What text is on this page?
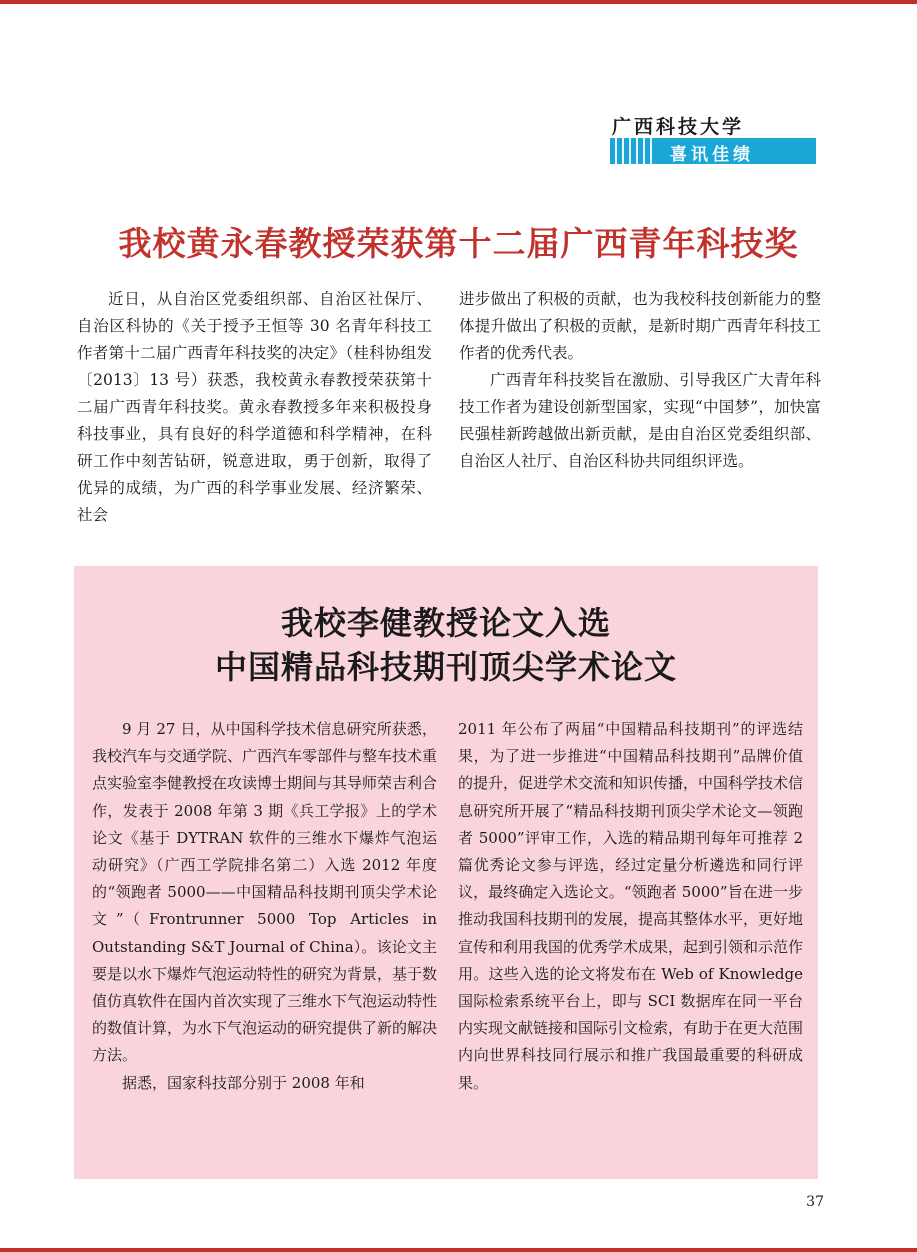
广西科技大学
喜讯佳绩
我校黄永春教授荣获第十二届广西青年科技奖

近日，从自治区党委组织部、自治区社保厅、自治区科协的《关于授予王恒等 30 名青年科技工作者第十二届广西青年科技奖的决定》（桂科协组发〔2013〕13 号）获悉，我校黄永春教授荣获第十二届广西青年科技奖。黄永春教授多年来积极投身科技事业，具有良好的科学道德和科学精神，在科研工作中刻苦钻研，锐意进取，勇于创新，取得了优异的成绩，为广西的科学事业发展、经济繁荣、社会

进步做出了积极的贡献，也为我校科技创新能力的整体提升做出了积极的贡献，是新时期广西青年科技工作者的优秀代表。

广西青年科技奖旨在激励、引导我区广大青年科技工作者为建设创新型国家，实现“中国梦”，加快富民强桂新跨越做出新贡献，是由自治区党委组织部、自治区人社厅、自治区科协共同组织评选。

我校李健教授论文入选
中国精品科技期刊顶尖学术论文

9 月 27 日，从中国科学技术信息研究所获悉，我校汽车与交通学院、广西汽车零部件与整车技术重点实验室李健教授在攻读博士期间与其导师荣吉利合作，发表于 2008 年第 3 期《兵工学报》上的学术论文《基于 DYTRAN 软件的三维水下爆炸气泡运动研究》（广西工学院排名第二）入选 2012 年度的“领跑者 5000——中国精品科技期刊顶尖学术论文”（Frontrunner 5000 Top Articles in Outstanding S&T Journal of China）。该论文主要是以水下爆炸气泡运动特性的研究为背景，基于数值仿真软件在国内首次实现了三维水下气泡运动特性的数值计算，为水下气泡运动的研究提供了新的解决方法。

据悉，国家科技部分别于 2008 年和

2011 年公布了两届“中国精品科技期刊”的评选结果，为了进一步推进“中国精品科技期刊”品牌价值的提升，促进学术交流和知识传播，中国科学技术信息研究所开展了“精品科技期刊顶尖学术论文—领跑者 5000”评审工作，入选的精品期刊每年可推荐 2 篇优秀论文参与评选，经过定量分析遴选和同行评议，最终确定入选论文。“领跑者 5000”旨在进一步推动我国科技期刊的发展，提高其整体水平，更好地宣传和利用我国的优秀学术成果，起到引领和示范作用。这些入选的论文将发布在 Web of Knowledge 国际检索系统平台上，即与 SCI 数据库在同一平台内实现文献链接和国际引文检索，有助于在更大范围内向世界科技同行展示和推广我国最重要的科研成果。

37
